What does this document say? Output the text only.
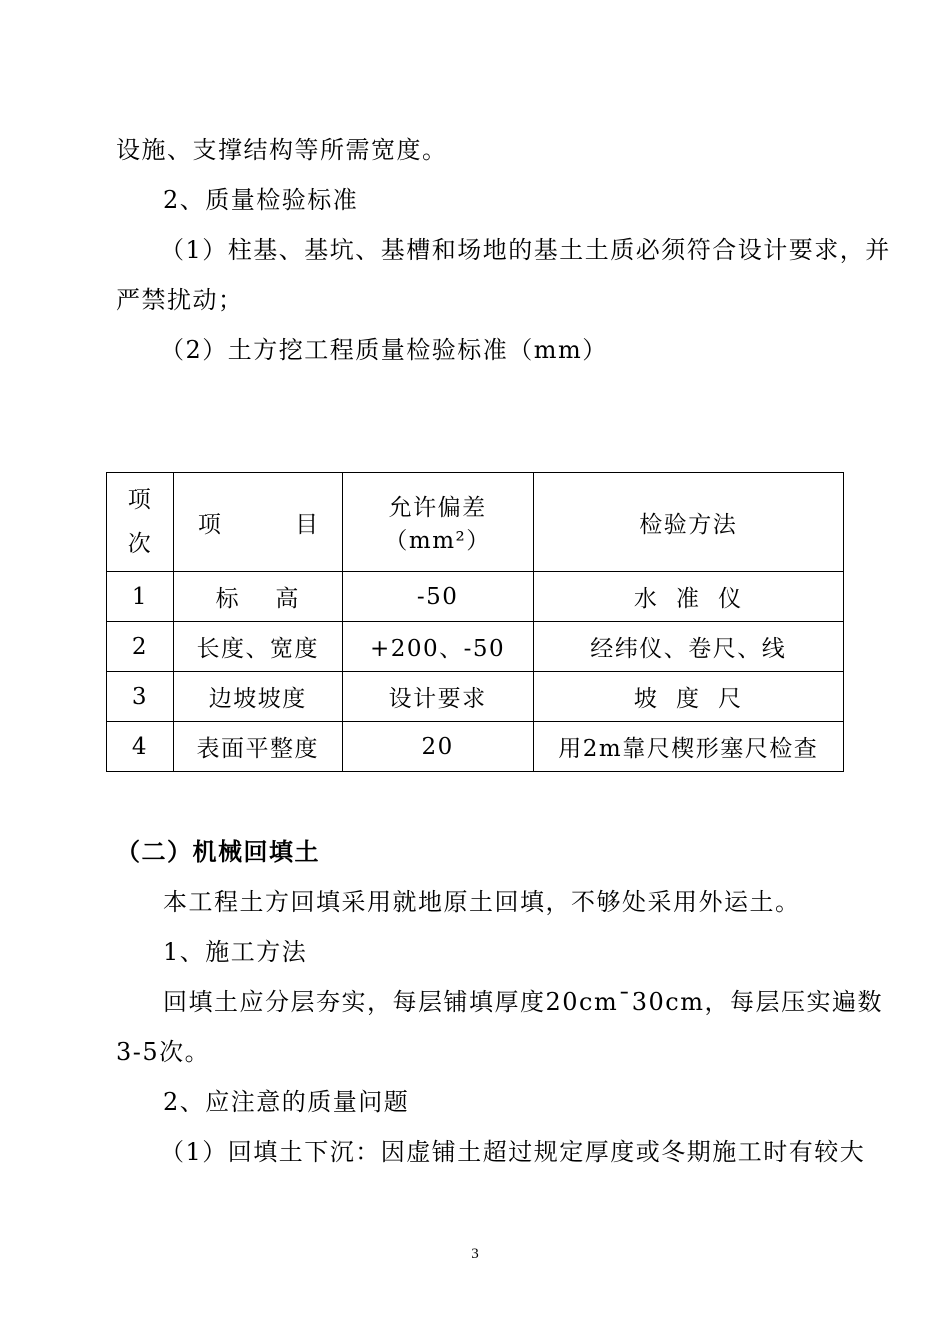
设施、支撑结构等所需宽度。
2、质量检验标准
（1）柱基、基坑、基槽和场地的基土土质必须符合设计要求，并
严禁扰动；
（2）土方挖工程质量检验标准（mm）
项
次	项 目	允许偏差（mm²）	检验方法
1	标    高	-50	水  准  仪
2	长度、宽度	+200、-50	经纬仪、卷尺、线
3	边坡坡度	设计要求	坡  度  尺
4	表面平整度	20	用2m靠尺楔形塞尺检查
（二）机械回填土
本工程土方回填采用就地原土回填，不够处采用外运土。
1、施工方法
回填土应分层夯实，每层铺填厚度20cm¯30cm，每层压实遍数
3-5次。
2、应注意的质量问题
（1）回填土下沉：因虚铺土超过规定厚度或冬期施工时有较大
3
